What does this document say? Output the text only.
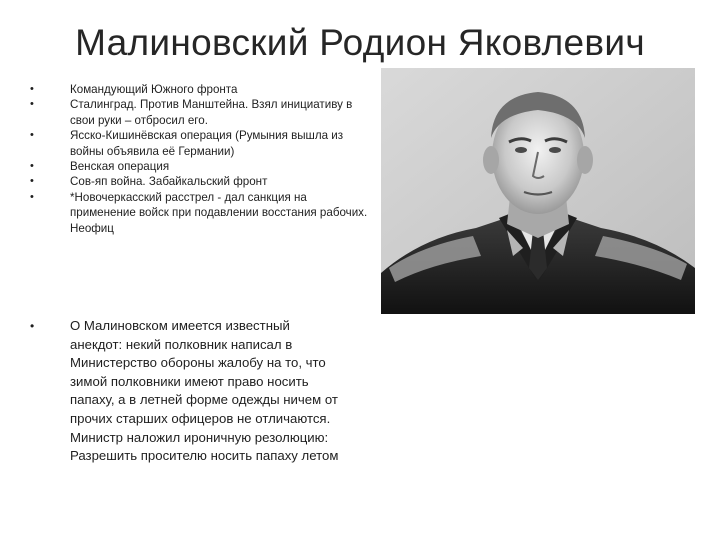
Малиновский Родион Яковлевич
•	Командующий Южного фронта
•	Сталинград. Против Манштейна. Взял инициативу в свои руки – отбросил его.
•	Ясско-Кишинёвская операция (Румыния вышла из войны объявила её Германии)
•	Венская операция
•	Сов-яп война. Забайкальский фронт
•	*Новочеркасский расстрел - дал санкция на применение войск при подавлении восстания рабочих. Неофиц
•	О Малиновском имеется известный анекдот: некий полковник написал в Министерство обороны жалобу на то, что зимой полковники имеют право носить папаху, а в летней форме одежды ничем от прочих старших офицеров не отличаются. Министр наложил ироничную резолюцию: Разрешить просителю носить папаху летом
